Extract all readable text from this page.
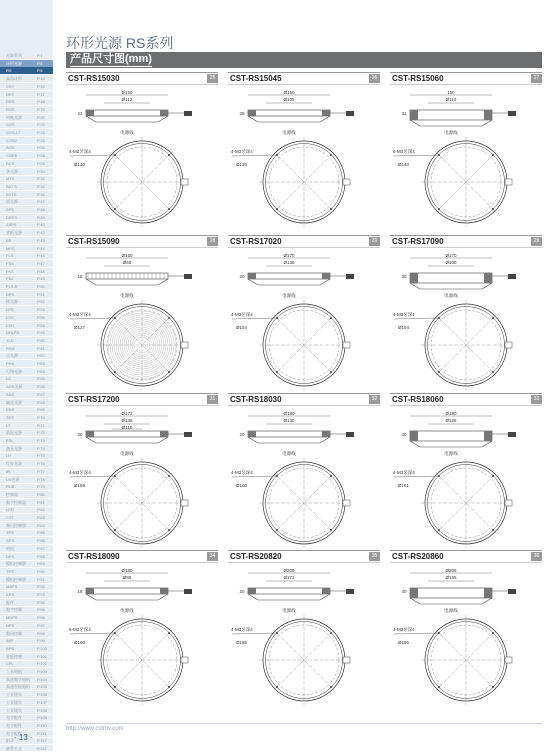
光源系列	P.1
环形光源	P.5
RS	P.5
高角环形	P.14
CRT	P.16
DRT	P.17
DRS	P.18
ROS	P.19
同轴光源	P.20
COS	P.22
COS-LT	P.24
COS2	P.25
AOS	P.26
COPS	P.28
RCS	P.29
条光源	P.30
MTS	P.32
BHTS	P.34
BYTS	P.36
面光源	P.37
ZPS	P.38
DPPS	P.39
ZSPS	P.40
背板光源	P.42
BS	P.43
MPS	P.44
FLS	P.46
FSS	P.47
FKS	P.48
FSZ	P.49
FLS-R	P.50
DPS	P.51
线光源	P.52
LPS	P.54
LSS	P.56
LSH	P.58
DHLPD	P.59
TLD	P.60
RSH	P.61
点光源	P.62
PHS	P.63
可调光源	P.64
LB	P.65
AOS光源	P.66
SAS	P.67
隧道光源	P.68
EDR	P.69
TES	P.70
LT	P.71
前视光源	P.72
FSL	P.73
激光光源	P.74
LH	P.75
红外光源	P.76
IR	P.77
UV光源	P.78
RUB	P.79
控制器	P.80
数字控制器	P.81
LPD	P.82
CST	P.83
频闪控制器	P.84
TPS	P.85
SPS	P.86
相机	P.87
DPS	P.88
模拟控制器	P.89
TPS	P.90
模拟控制器	P.91
MAPS	P.92
KPS	P.93
配件	P.94
数字控制	P.95
MDPS	P.96
NPS	P.97
数码控制	P.98
IMP	P.99
BPS	P.100
智能控制	P.101
CPL	P.102
工业相机	P.103
高速数字相机 P.104
高速智能相机 P.105
工业镜头	P.106
工业镜头	P.107
工业镜头	P.108
光学配件	P.109
光学配件	P.110
光学配件	P.111
附录	P.112
联系方式	P.113
- 13 -
环形光源 RS系列
产品尺寸图(mm)
CST-RS15030	25
Ø150
Ø112
21
电源线
4-M3牙深4
Ø130
CST-RS15045	26
Ø150
Ø105
26
电源线
4-M3牙深4
Ø130
CST-RS15060	27
150
Ø110
31
电源线
6-M3牙深4
Ø140
CST-RS15090	28
Ø150
Ø60
18
电源线
4-M3牙深4
Ø127
CST-RS17020	29
Ø170
Ø136
20
电源线
4-M3牙深4
Ø154
CST-RS17090	29
Ø170
Ø100
30
电源线
4-M3牙深4
Ø154
CST-RS17200	31
Ø172
Ø136
Ø110
20
电源线
4-M3牙深4
Ø166
CST-RS18030	32
Ø180
Ø130
20
电源线
4-M3牙深4
Ø160
CST-RS18060	33
Ø180
Ø126
40
电源线
4-M3牙深4
Ø161
CST-RS18090	34
Ø180
Ø90
18
电源线
6-M3牙深4
Ø160
CST-RS20820	35
Ø208
Ø172
20
电源线
4-M3牙深4
Ø186
CST-RS20860	36
Ø208
Ø155
40
电源线
4-M3牙深4
Ø186
http://www.cstmv.com
